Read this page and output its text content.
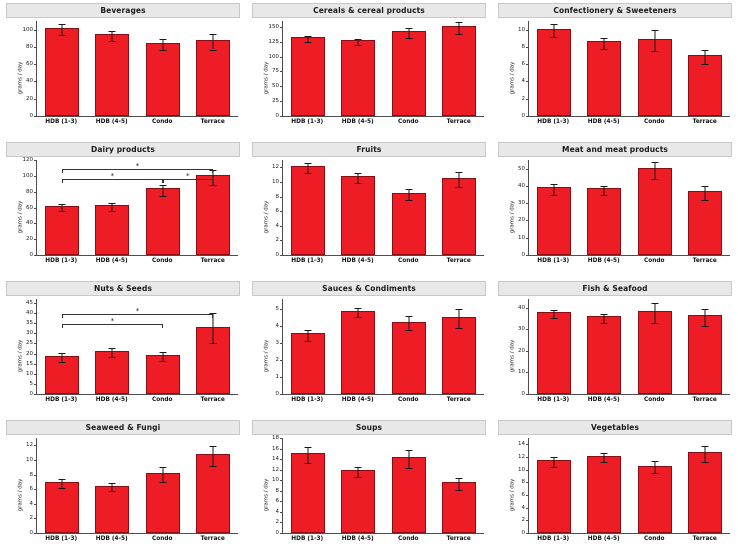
Beverages
grams / day
0
20
40
60
80
100
HDB (1-3)	HDB (4-5)	Condo	Terrace
Cereals & cereal products
grams / day
0
25
50
75
100
125
150
HDB (1-3)	HDB (4-5)	Condo	Terrace
Confectionery & Sweeteners
grams / day
0
2
4
6
8
10
HDB (1-3)	HDB (4-5)	Condo	Terrace
Dairy products
grams / day
0
20
40
60
80
100
120
*
*
*
HDB (1-3)	HDB (4-5)	Condo	Terrace
Fruits
grams / day
0
2
4
6
8
10
12
HDB (1-3)	HDB (4-5)	Condo	Terrace
Meat and meat products
grams / day
0
10
20
30
40
50
HDB (1-3)	HDB (4-5)	Condo	Terrace
Nuts & Seeds
grams / day
0
5
10
15
20
25
30
35
40
45
*
*
HDB (1-3)	HDB (4-5)	Condo	Terrace
Sauces & Condiments
grams / day
0
1
2
3
4
5
HDB (1-3)	HDB (4-5)	Condo	Terrace
Fish & Seafood
grams / day
0
10
20
30
40
HDB (1-3)	HDB (4-5)	Condo	Terrace
Seaweed & Fungi
grams / day
0
2
4
6
8
10
12
HDB (1-3)	HDB (4-5)	Condo	Terrace
Soups
grams / day
0
2
4
6
8
10
12
14
16
18
HDB (1-3)	HDB (4-5)	Condo	Terrace
Vegetables
grams / day
0
2
4
6
8
10
12
14
HDB (1-3)	HDB (4-5)	Condo	Terrace
